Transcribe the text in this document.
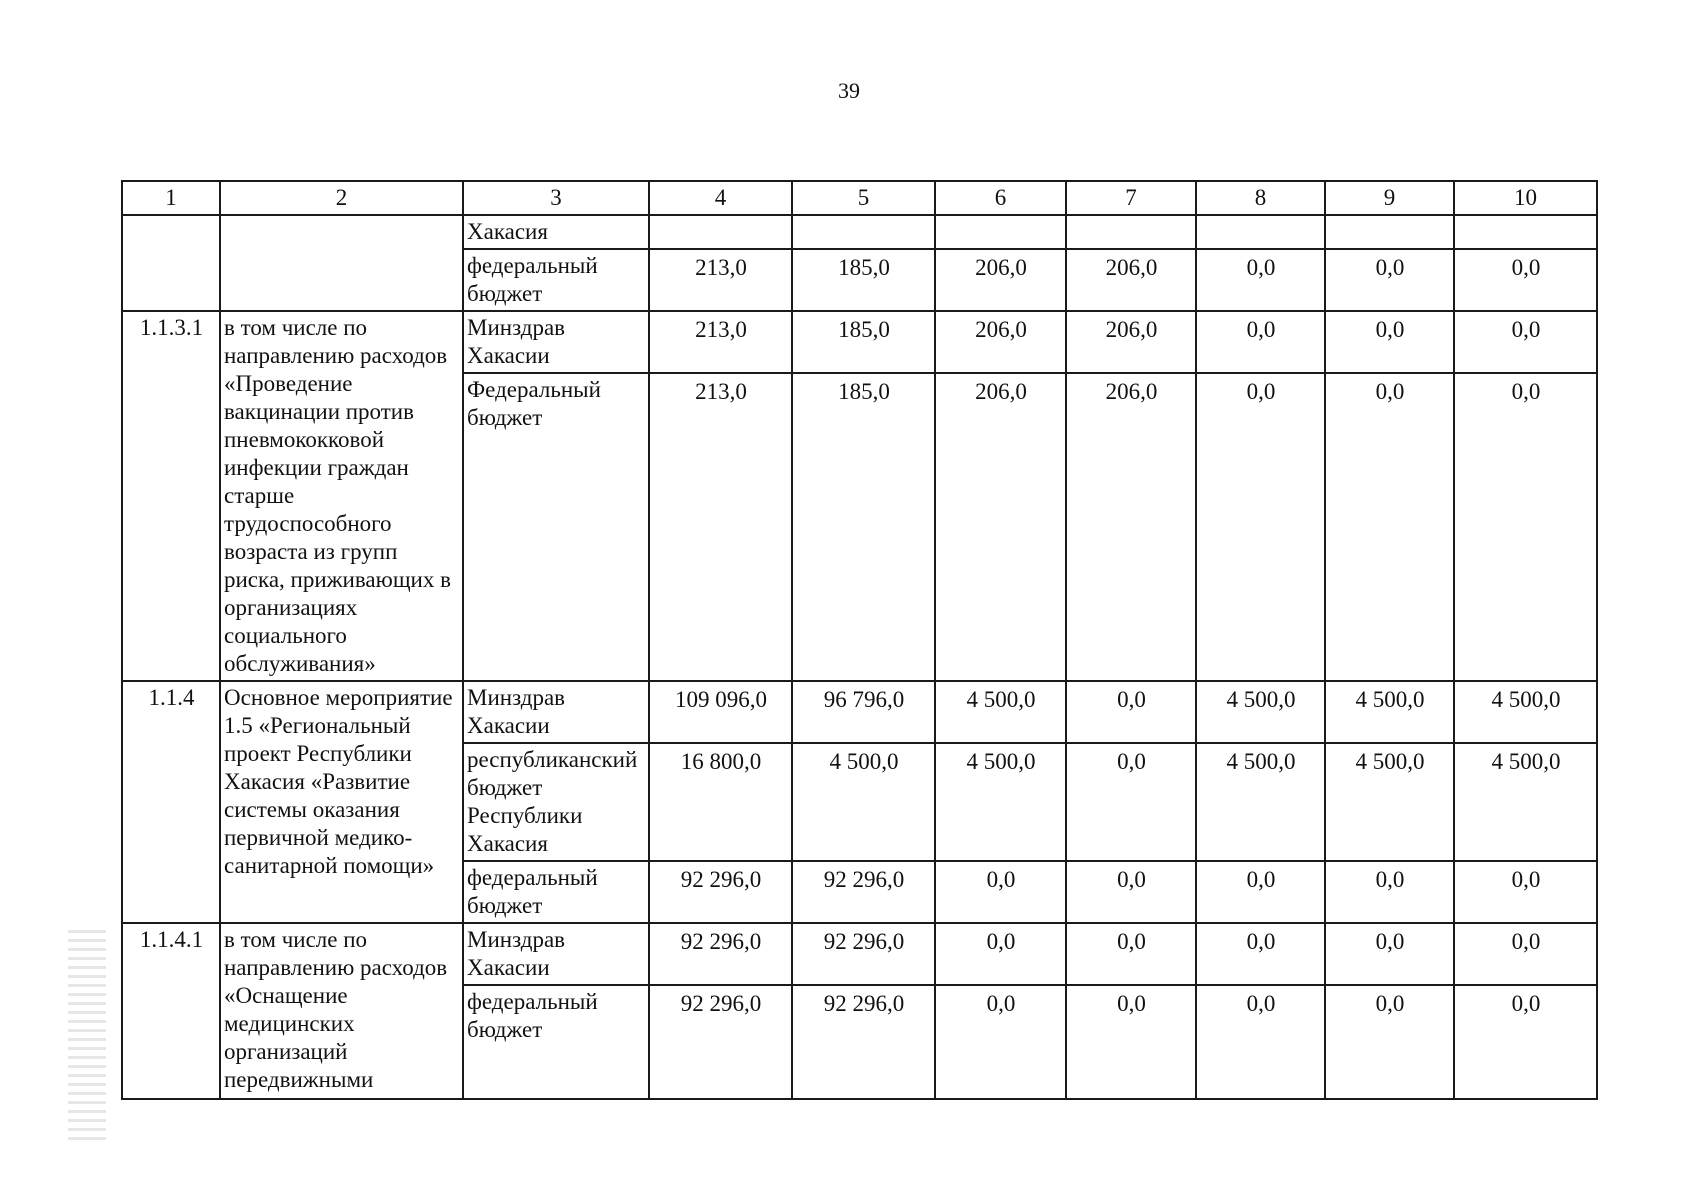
39
1	2	3	4	5	6	7	8	9	10
		Хакасия							
		федеральный бюджет	213,0	185,0	206,0	206,0	0,0	0,0	0,0
1.1.3.1	в том числе по направлению расходов «Проведение вакцинации против пневмококковой инфекции граждан старше трудоспособного возраста из групп риска, приживающих в организациях социального обслуживания»	Минздрав Хакасии	213,0	185,0	206,0	206,0	0,0	0,0	0,0
		Федеральный бюджет	213,0	185,0	206,0	206,0	0,0	0,0	0,0
1.1.4	Основное мероприятие 1.5 «Региональный проект Республики Хакасия «Развитие системы оказания первичной медико-санитарной помощи»	Минздрав Хакасии	109 096,0	96 796,0	4 500,0	0,0	4 500,0	4 500,0	4 500,0
		республиканский бюджет Республики Хакасия	16 800,0	4 500,0	4 500,0	0,0	4 500,0	4 500,0	4 500,0
		федеральный бюджет	92 296,0	92 296,0	0,0	0,0	0,0	0,0	0,0
1.1.4.1	в том числе по направлению расходов «Оснащение медицинских организаций передвижными	Минздрав Хакасии	92 296,0	92 296,0	0,0	0,0	0,0	0,0	0,0
		федеральный бюджет	92 296,0	92 296,0	0,0	0,0	0,0	0,0	0,0
